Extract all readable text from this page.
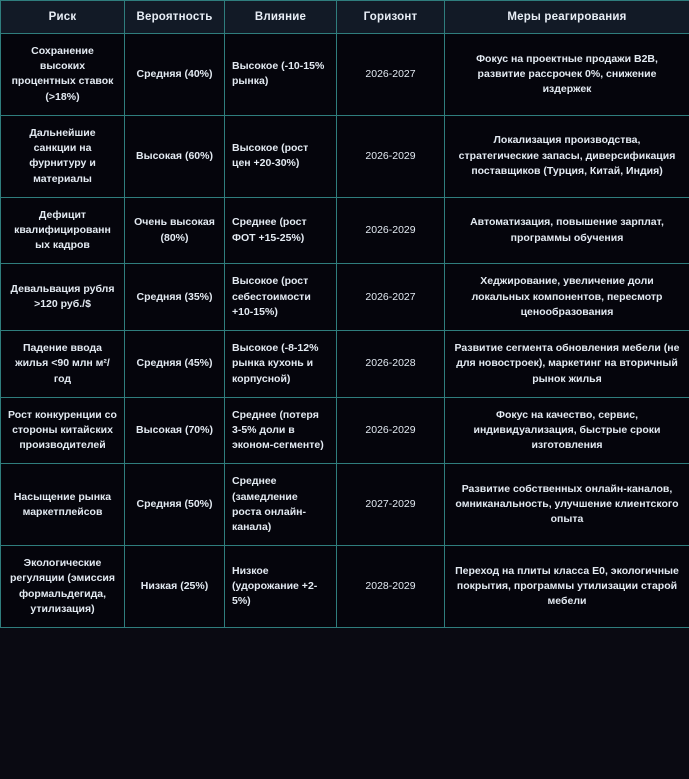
Риск	Вероятность	Влияние	Горизонт	Меры реагирования
Сохранение высоких процентных ставок (>18%)	Средняя (40%)	Высокое (-10-15% рынка)	2026-2027	Фокус на проектные продажи B2B, развитие рассрочек 0%, снижение издержек
Дальнейшие санкции на фурнитуру и материалы	Высокая (60%)	Высокое (рост цен +20-30%)	2026-2029	Локализация производства, стратегические запасы, диверсификация поставщиков (Турция, Китай, Индия)
Дефицит квалифицированн ых кадров	Очень высокая (80%)	Среднее (рост ФОТ +15-25%)	2026-2029	Автоматизация, повышение зарплат, программы обучения
Девальвация рубля >120 руб./$	Средняя (35%)	Высокое (рост себестоимости +10-15%)	2026-2027	Хеджирование, увеличение доли локальных компонентов, пересмотр ценообразования
Падение ввода жилья <90 млн м²/год	Средняя (45%)	Высокое (-8-12% рынка кухонь и корпусной)	2026-2028	Развитие сегмента обновления мебели (не для новостроек), маркетинг на вторичный рынок жилья
Рост конкуренции со стороны китайских производителей	Высокая (70%)	Среднее (потеря 3-5% доли в эконом-сегменте)	2026-2029	Фокус на качество, сервис, индивидуализация, быстрые сроки изготовления
Насыщение рынка маркетплейсов	Средняя (50%)	Среднее (замедление роста онлайн-канала)	2027-2029	Развитие собственных онлайн-каналов, омниканальность, улучшение клиентского опыта
Экологические регуляции (эмиссия формальдегида, утилизация)	Низкая (25%)	Низкое (удорожание +2-5%)	2028-2029	Переход на плиты класса E0, экологичные покрытия, программы утилизации старой мебели
